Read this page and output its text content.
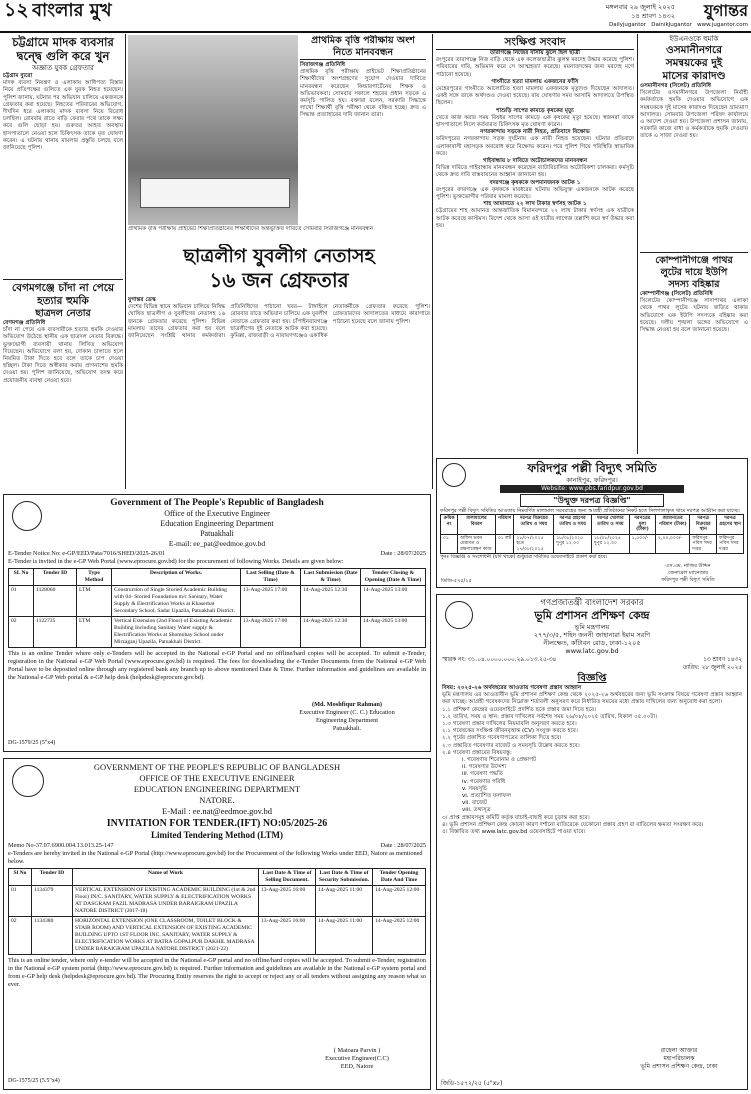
১২ বাংলার মুখ	মঙ্গলবার ২৯ জুলাই ২০২৫
১৪ শ্রাবণ ১৪৩২	যুগান্তর
Dailyjugantor DainikJugantor www.jugantor.com
চট্টগ্রামে মাদক ব্যবসার দ্বন্দ্বে গুলি করে খুন
অজ্ঞাত যুবক গ্রেফতার
চট্টগ্রাম ব্যুরো
মাদক ব্যবসা নিয়ন্ত্রণ ও এলাকায় আধিপত্য বিস্তার নিয়ে প্রতিপক্ষের গুলিতে এক যুবক নিহত হয়েছেন। পুলিশ জানায়, ঘটনার পর অভিযান চালিয়ে একজনকে গ্রেফতার করা হয়েছে। নিহতের পরিবারের অভিযোগ, দীর্ঘদিন ধরে এলাকায় মাদক ব্যবসা নিয়ে বিরোধ চলছিল। রোববার রাতে বাড়ি ফেরার পথে তাকে লক্ষ্য করে গুলি ছোড়া হয়। গুরুতর আহত অবস্থায় হাসপাতালে নেওয়া হলে চিকিৎসক তাকে মৃত ঘোষণা করেন। এ ঘটনায় থানায় মামলার প্রস্তুতি চলছে বলে জানিয়েছে পুলিশ।
বেগমগঞ্জে চাঁদা না পেয়ে হত্যার হুমকি
ছাত্রদল নেতার
বেগমগঞ্জ প্রতিনিধি
চাঁদা না পেয়ে এক ব্যবসায়ীকে হত্যার হুমকি দেওয়ার অভিযোগ উঠেছে স্থানীয় এক ছাত্রদল নেতার বিরুদ্ধে। ভুক্তভোগী ব্যবসায়ী থানায় লিখিত অভিযোগ দিয়েছেন। অভিযোগে বলা হয়, দোকান চালাতে হলে নিয়মিত টাকা দিতে হবে বলে তাকে চাপ দেওয়া হচ্ছিল। টাকা দিতে অস্বীকার করায় প্রাণনাশের হুমকি দেওয়া হয়। পুলিশ জানিয়েছে, অভিযোগ তদন্ত করে প্রয়োজনীয় ব্যবস্থা নেওয়া হবে।
প্রাথমিক বৃত্তি পরীক্ষায় প্রাইভেট শিক্ষাপ্রতিষ্ঠানের শিক্ষার্থীদের অন্তর্ভুক্তির দাবিতে সোমবার সিরাজগঞ্জে মানববন্ধন
প্রাথমিক বৃত্তি পরীক্ষায় অংশ
নিতে মানববন্ধন
সিরাজগঞ্জ প্রতিনিধি
প্রাথমিক বৃত্তি পরীক্ষায় প্রাইভেট শিক্ষাপ্রতিষ্ঠানের শিক্ষার্থীদের অংশগ্রহণের সুযোগ দেওয়ার দাবিতে মানববন্ধন করেছেন কিন্ডারগার্টেনের শিক্ষক ও অভিভাবকরা। সোমবার সকালে শহরের প্রধান সড়কে এ কর্মসূচি পালিত হয়। বক্তারা বলেন, সরকারি সিদ্ধান্তে লাখো শিক্ষার্থী বৃত্তি পরীক্ষা থেকে বঞ্চিত হচ্ছে। দ্রুত এ সিদ্ধান্ত প্রত্যাহারের দাবি জানান তারা।
ছাত্রলীগ যুবলীগ নেতাসহ
১৬ জন গ্রেফতার
যুগান্তর ডেস্ক
দেশের বিভিন্ন স্থানে অভিযান চালিয়ে নিষিদ্ধ ঘোষিত ছাত্রলীগ ও যুবলীগের নেতাসহ ১৬ জনকে গ্রেফতার করেছে পুলিশ। বিভিন্ন মামলায় তাদের গ্রেফতার করা হয় বলে জানিয়েছেন সংশ্লিষ্ট থানার কর্মকর্তারা। প্রতিনিধিদের পাঠানো খবর— টাঙ্গাইলে রোববার রাতে অভিযান চালিয়ে এক যুবলীগ নেতাকে গ্রেফতার করা হয়। চাঁপাইনবাবগঞ্জে ছাত্রলীগের দুই নেতাকে আটক করা হয়েছে। কুমিল্লা, রাজবাড়ী ও নারায়ণগঞ্জেও একাধিক নেতাকর্মীকে গ্রেফতার করেছে পুলিশ। গ্রেফতারদের আদালতের মাধ্যমে কারাগারে পাঠানো হয়েছে বলে জানায় পুলিশ।
সংক্ষিপ্ত সংবাদ
তারাগঞ্জে নিজের বাসায় ঝুলে ছিল ছাত্রী
রংপুরের তারাগঞ্জে নিজ বাড়ি থেকে এক কলেজছাত্রীর ঝুলন্ত মরদেহ উদ্ধার করেছে পুলিশ। পরিবারের দাবি, অভিমান করে সে আত্মহত্যা করেছে। ময়নাতদন্তের জন্য মরদেহ মর্গে পাঠানো হয়েছে।
গাংনীতে হত্যা মামলায় একজনের ফাঁসি
মেহেরপুরের গাংনীতে আলোচিত হত্যা মামলায় একজনকে মৃত্যুদণ্ড দিয়েছেন আদালত। একই সঙ্গে তাকে অর্থদণ্ডও দেওয়া হয়েছে। রায় ঘোষণার সময় আসামি আদালতে উপস্থিত ছিলেন।
শাশুড়ি সাপের কামড়ে কৃষকের মৃত্যু
খেতে কাজ করার সময় বিষধর সাপের কামড়ে এক কৃষকের মৃত্যু হয়েছে। স্বজনরা তাকে হাসপাতালে নিলে কর্তব্যরত চিকিৎসক মৃত ঘোষণা করেন।
নগরকান্দায় সড়কে নারী নিহত, প্রতিবাদে বিক্ষোভ
ফরিদপুরের নগরকান্দায় সড়ক দুর্ঘটনায় এক নারী নিহত হয়েছেন। ঘটনার প্রতিবাদে এলাকাবাসী মহাসড়ক অবরোধ করে বিক্ষোভ করেন। পরে পুলিশ গিয়ে পরিস্থিতি স্বাভাবিক করে।
গাইবান্ধায় ৮ দাবিতে অটোচালকদের মানববন্ধন
বিভিন্ন দাবিতে গাইবান্ধায় মানববন্ধন করেছেন ব্যাটারিচালিত অটোরিকশা চালকরা। কর্মসূচি থেকে দ্রুত দাবি বাস্তবায়নের আহ্বান জানানো হয়।
বদরগঞ্জে কৃষককে অপমানজনক আটক ১
রংপুরের বদরগঞ্জে এক কৃষককে মারধরের ঘটনায় অভিযুক্ত একজনকে আটক করেছে পুলিশ। ভুক্তভোগীর পরিবার মামলা করেছে।
শাহ আমানতে ২২ লাখ টাকার স্বর্ণসহ আটক ১
চট্টগ্রামের শাহ আমানত আন্তর্জাতিক বিমানবন্দরে ২২ লাখ টাকার স্বর্ণসহ এক যাত্রীকে আটক করেছে কাস্টমস। বিদেশ থেকে আসা ওই যাত্রীর লাগেজ তল্লাশি করে স্বর্ণ উদ্ধার করা হয়।
ইউএনওকে হুমকি
ওসমানীনগরে
সমন্বয়কের দুই
মাসের কারাদণ্ড
ওসমানীনগর (সিলেট) প্রতিনিধি
সিলেটের ওসমানীনগরে উপজেলা নির্বাহী কর্মকর্তাকে হুমকি দেওয়ার অভিযোগে এক সমন্বয়ককে দুই মাসের কারাদণ্ড দিয়েছেন ভ্রাম্যমাণ আদালত। সোমবার উপজেলা পরিষদ কার্যালয়ে এ আদেশ দেওয়া হয়। উপজেলা প্রশাসন জানায়, সরকারি কাজে বাধা ও কর্মকর্তাকে হুমকি দেওয়ায় তাকে এ সাজা দেওয়া হয়।
কোম্পানীগঞ্জে পাথর
লুটের দায়ে ইউপি
সদস্য বহিষ্কার
কোম্পানীগঞ্জ (সিলেট) প্রতিনিধি
সিলেটের কোম্পানীগঞ্জে সাদাপাথর এলাকা থেকে পাথর লুটের ঘটনায় জড়িত থাকার অভিযোগে এক ইউপি সদস্যকে বহিষ্কার করা হয়েছে। দলীয় শৃঙ্খলা ভঙ্গের অভিযোগে এ সিদ্ধান্ত নেওয়া হয় বলে জানানো হয়েছে।
ফরিদপুর পল্লী বিদ্যুৎ সমিতি
কানাইপুর, ফরিদপুর।
Website: www.pbs.faridpur.gov.bd
"উন্মুক্ত দরপত্র বিজ্ঞপ্তি"
ফরিদপুর পল্লী বিদ্যুৎ সমিতির আওতায় নিম্নবর্ণিত মালামাল সরবরাহের জন্য আগ্রহী প্রতিষ্ঠানের নিকট হতে সিলগালাকৃত খামে দরপত্র আহ্বান করা যাচ্ছে।
ক্রমিক নং	মালামালের বিবরণ	পরিমাণ	দরপত্র বিক্রয়ের তারিখ ও সময়	দরপত্র গ্রহণের তারিখ ও সময়	দরপত্র খোলার তারিখ ও সময়	দরপত্রের মূল্য (টাকা)	জামানতের পরিমাণ (টাকা)	দরপত্র বিক্রয়ের স্থান	দরপত্র গ্রহণের স্থান
০১	অফিস ভবন মেরামত ও রক্ষণাবেক্ষণ কাজ	০১ লট	২৮/০৭/২০২৫ হতে ১৭/০৮/২০২৫	১৮/০৮/২০২৫ দুপুর ১২.০০	১৮/০৮/২০২৫ দুপুর ১২.৩০	১,৫০০/-	২,০০,০০০/-	ফরিদপুর পবিস সদর দপ্তর	ফরিদপুর পবিস সদর দপ্তর
পুনঃ বিজ্ঞপ্তি ও সংশোধনী (যদি থাকে) শুধুমাত্র সমিতির ওয়েবসাইটে প্রকাশ করা হবে।
ডিজি-৫৭৫/২৫
এস.এম. নাজির উদ্দিন
জেনারেল ম্যানেজার
ফরিদপুর পল্লী বিদ্যুৎ সমিতি
Government of The People's Republic of Bangladesh
Office of the Executive Engineer
Education Engineering Department
Patuakhali
E-mail: ee_pat@eedmoe.gov.bd
E-Tender Notice No: e-GP/EED/Pata/7016/SHED/2025-26/01	Date : 28/07/2025
E-Tender is invited in the e-GP Web Portal (www.eprocure.gov.bd) for the procurement of following Works. Details are given below:
SL No	Tender ID	Type Method	Description of Works.	Last Selling (Date & Time)	Last Submission (Date & Time)	Tender Closing & Opening (Date & Time)
01	1128060	LTM	Construction of Single Storied Academic Building with 04- Storied Foundation m/c Sanitary, Water Supply & Electrification Works at Khaserhat Secondary School, Sadar Upazila, Patuakhali District.	13-Aug-2025 17:00	14-Aug-2025 12:30	14-Aug-2025 13:00
02	1122735	LTM	Vertical Extension (2nd Floor) of Existing Academic Building Including Sanitary Water supply & Electrification Works at Shomobay School under Mirzaganj Upazila, Patuakhali District.	13-Aug-2025 17:00	14-Aug-2025 12:30	14-Aug-2025 13:00
This is an online Tender where only e-Tenders will be accepted in the National e-GP Portal and no offline/hard copies will be accepted. To submit e-Tender, registration in the National e-GP Web Portal (www.eprocure.gov.bd) is required. The fees for downloading the e-Tender Documents from the National e-GP Web Portal have to be deposited online through any registered bank any branch up to above mentioned Date & Time. Further information and guidelines are available in the National e-GP Web portal & e-GP help desk (helpdesk@eprocure.gov.bd).
(Md. Moshfiqur Rahman)
Executive Engineer (C. C.) Education
Engineering Department
Patuakhali.
DG-1579/25 (5"x4)
GOVERNMENT OF THE PEOPLE'S REPUBLIC OF BANGLADESH
OFFICE OF THE EXECUTIVE ENGINEER
EDUCATION ENGINEERING DEPARTMENT
NATORE.
E-Mail : ee.nat@eedmoe.gov.bd
INVITATION FOR TENDER.(IFT) NO:05/2025-26
Limited Tendering Method (LTM)
Memo No-37.07.6900.004.13.013.25-147	Date : 28/07/2025
e-Tenders are hereby invited in the National e-GP Portal (http://www.eprocure.gov.bd) for the Procurement of the following Works under EED, Natore as mentioned below.
Sl No	Tender ID	Name of Work	Last Date & Time of Selling Document.	Last Date & Time of Security Submission.	Tender Opening Date And Time
01	1134379	VERTICAL EXTENSION OF EXISTING ACADEMIC BUILDING (1st & 2nd Floor) IN/C. SANITARY, WATER SUPPLY & ELECTRIFICATION WORKS AT DASGRAM FAZIL MADRASA UNDER BARAIGRAM UPAZILA NATORE DISTRICT (2017-18)	13-Aug-2025 16:00	14-Aug-2025 11:00	14-Aug-2025 12:00
02	1134380	HORIZONTAL EXTENSION (ONE CLASSROOM, TOILET BLOCK & STAIR ROOM) AND VERTICAL EXTENSION OF EXISTING ACADEMIC BUILDING UPTO 1ST FLOOR INC. SANITARY, WATER SUPPLY & ELECTRIFICATION WORKS AT BATRA GOPALPUR DAKHIL MADRASA UNDER BARAIGRAM UPAZILA NATORE DISTRICT (2021-22)	13-Aug-2025 16:00	14-Aug-2025 11:00	14-Aug-2025 12:00
This is an online tender, where only e-tender will be accepted in the National e-GP portal and no offline/hard copies will be accepted. To submit e-Tender, registration in the National e-GP system portal (http://www.eprocure.gov.bd) is required. Further information and guidelines are available in the National e-GP system portal and from e-GP help desk (helpdesk@eprocure.gov.bd). The Procuring Entity reserves the right to accept or reject any or all tenders without assigning any reason what so ever.
( Matoara Parvin )
Executive Engineer(C.C)
EED, Natore
DG-1575/25 (5.5"x4)
গণপ্রজাতন্ত্রী বাংলাদেশ সরকার
ভূমি প্রশাসন প্রশিক্ষণ কেন্দ্র
ভূমি মন্ত্রণালয়
২৭৭/৩/৫, শহিদ জননী জাহানারা ইমাম সরণি
নীলক্ষেত, কাঁটাবন রোড, ঢাকা-১২০৫
www.latc.gov.bd
স্মারক নং: ৩১.০৪.০০০০.০০০.২৯.০১৩.২৫-৩৪	১৩ শ্রাবণ ১৪৩২
তারিখ: ২৮ জুলাই ২০২৫
বিজ্ঞপ্তি
বিষয়: ২০২৫-২৬ অর্থবছরের আওতায় গবেষণা প্রস্তাব আহ্বান
ভূমি মন্ত্রণালয় এর আওতাধীন ভূমি প্রশাসন প্রশিক্ষণ কেন্দ্র থেকে ২০২৫-২৬ অর্থবছরের জন্য ভূমি সংক্রান্ত বিষয়ে গবেষণা প্রস্তাব আহ্বান করা যাচ্ছে। আগ্রহী গবেষকদের নিম্নোক্ত শর্তাবলী অনুসরণ করে নির্ধারিত সময়ের মধ্যে প্রস্তাব দাখিলের জন্য অনুরোধ করা হলো।
১.১ প্রশিক্ষণ কেন্দ্রের ওয়েবসাইটে প্রদর্শিত ছকে প্রস্তাব জমা দিতে হবে।
১.২ তারিখ, সময় ও স্থান: প্রস্তাব দাখিলের সর্বশেষ সময় ২৬/০৮/২০২৫ তারিখ, বিকাল ০৫.০০টা।
১.৩ গবেষণা প্রস্তাব দাখিলের নিয়মাবলি অনুসরণ করতে হবে।
২.১ গবেষকের সংক্ষিপ্ত জীবনবৃত্তান্ত (CV) সংযুক্ত করতে হবে।
২.২ পূর্বের প্রকাশিত গবেষণাপত্রের তালিকা দিতে হবে।
২.৩ প্রস্তাবিত গবেষণার বাজেট ও সময়সূচি উল্লেখ করতে হবে।
২.৪ গবেষণা প্রস্তাবের বিষয়বস্তু:
i. গবেষণার শিরোনাম ও প্রেক্ষাপট
ii. গবেষণার উদ্দেশ্য
iii. গবেষণা পদ্ধতি
iv. গবেষণার পরিধি
v. সময়সূচি
vi. প্রত্যাশিত ফলাফল
vii. বাজেট
viii. তথ্যসূত্র
৩। প্রাপ্ত প্রস্তাবসমূহ কমিটি কর্তৃক যাচাই-বাছাই করে চূড়ান্ত করা হবে।
৪। ভূমি প্রশাসন প্রশিক্ষণ কেন্দ্র কোনো কারণ দর্শানো ব্যতিরেকে যেকোনো প্রস্তাব গ্রহণ বা বাতিলের ক্ষমতা সংরক্ষণ করে।
৫। বিস্তারিত তথ্য www.latc.gov.bd ওয়েবসাইটে পাওয়া যাবে।
রাহেলা আক্তার
মহাপরিচালক
ভূমি প্রশাসন প্রশিক্ষণ কেন্দ্র, ঢাকা
জিডি-১৫৭২/২৫ (৫"x৮)
